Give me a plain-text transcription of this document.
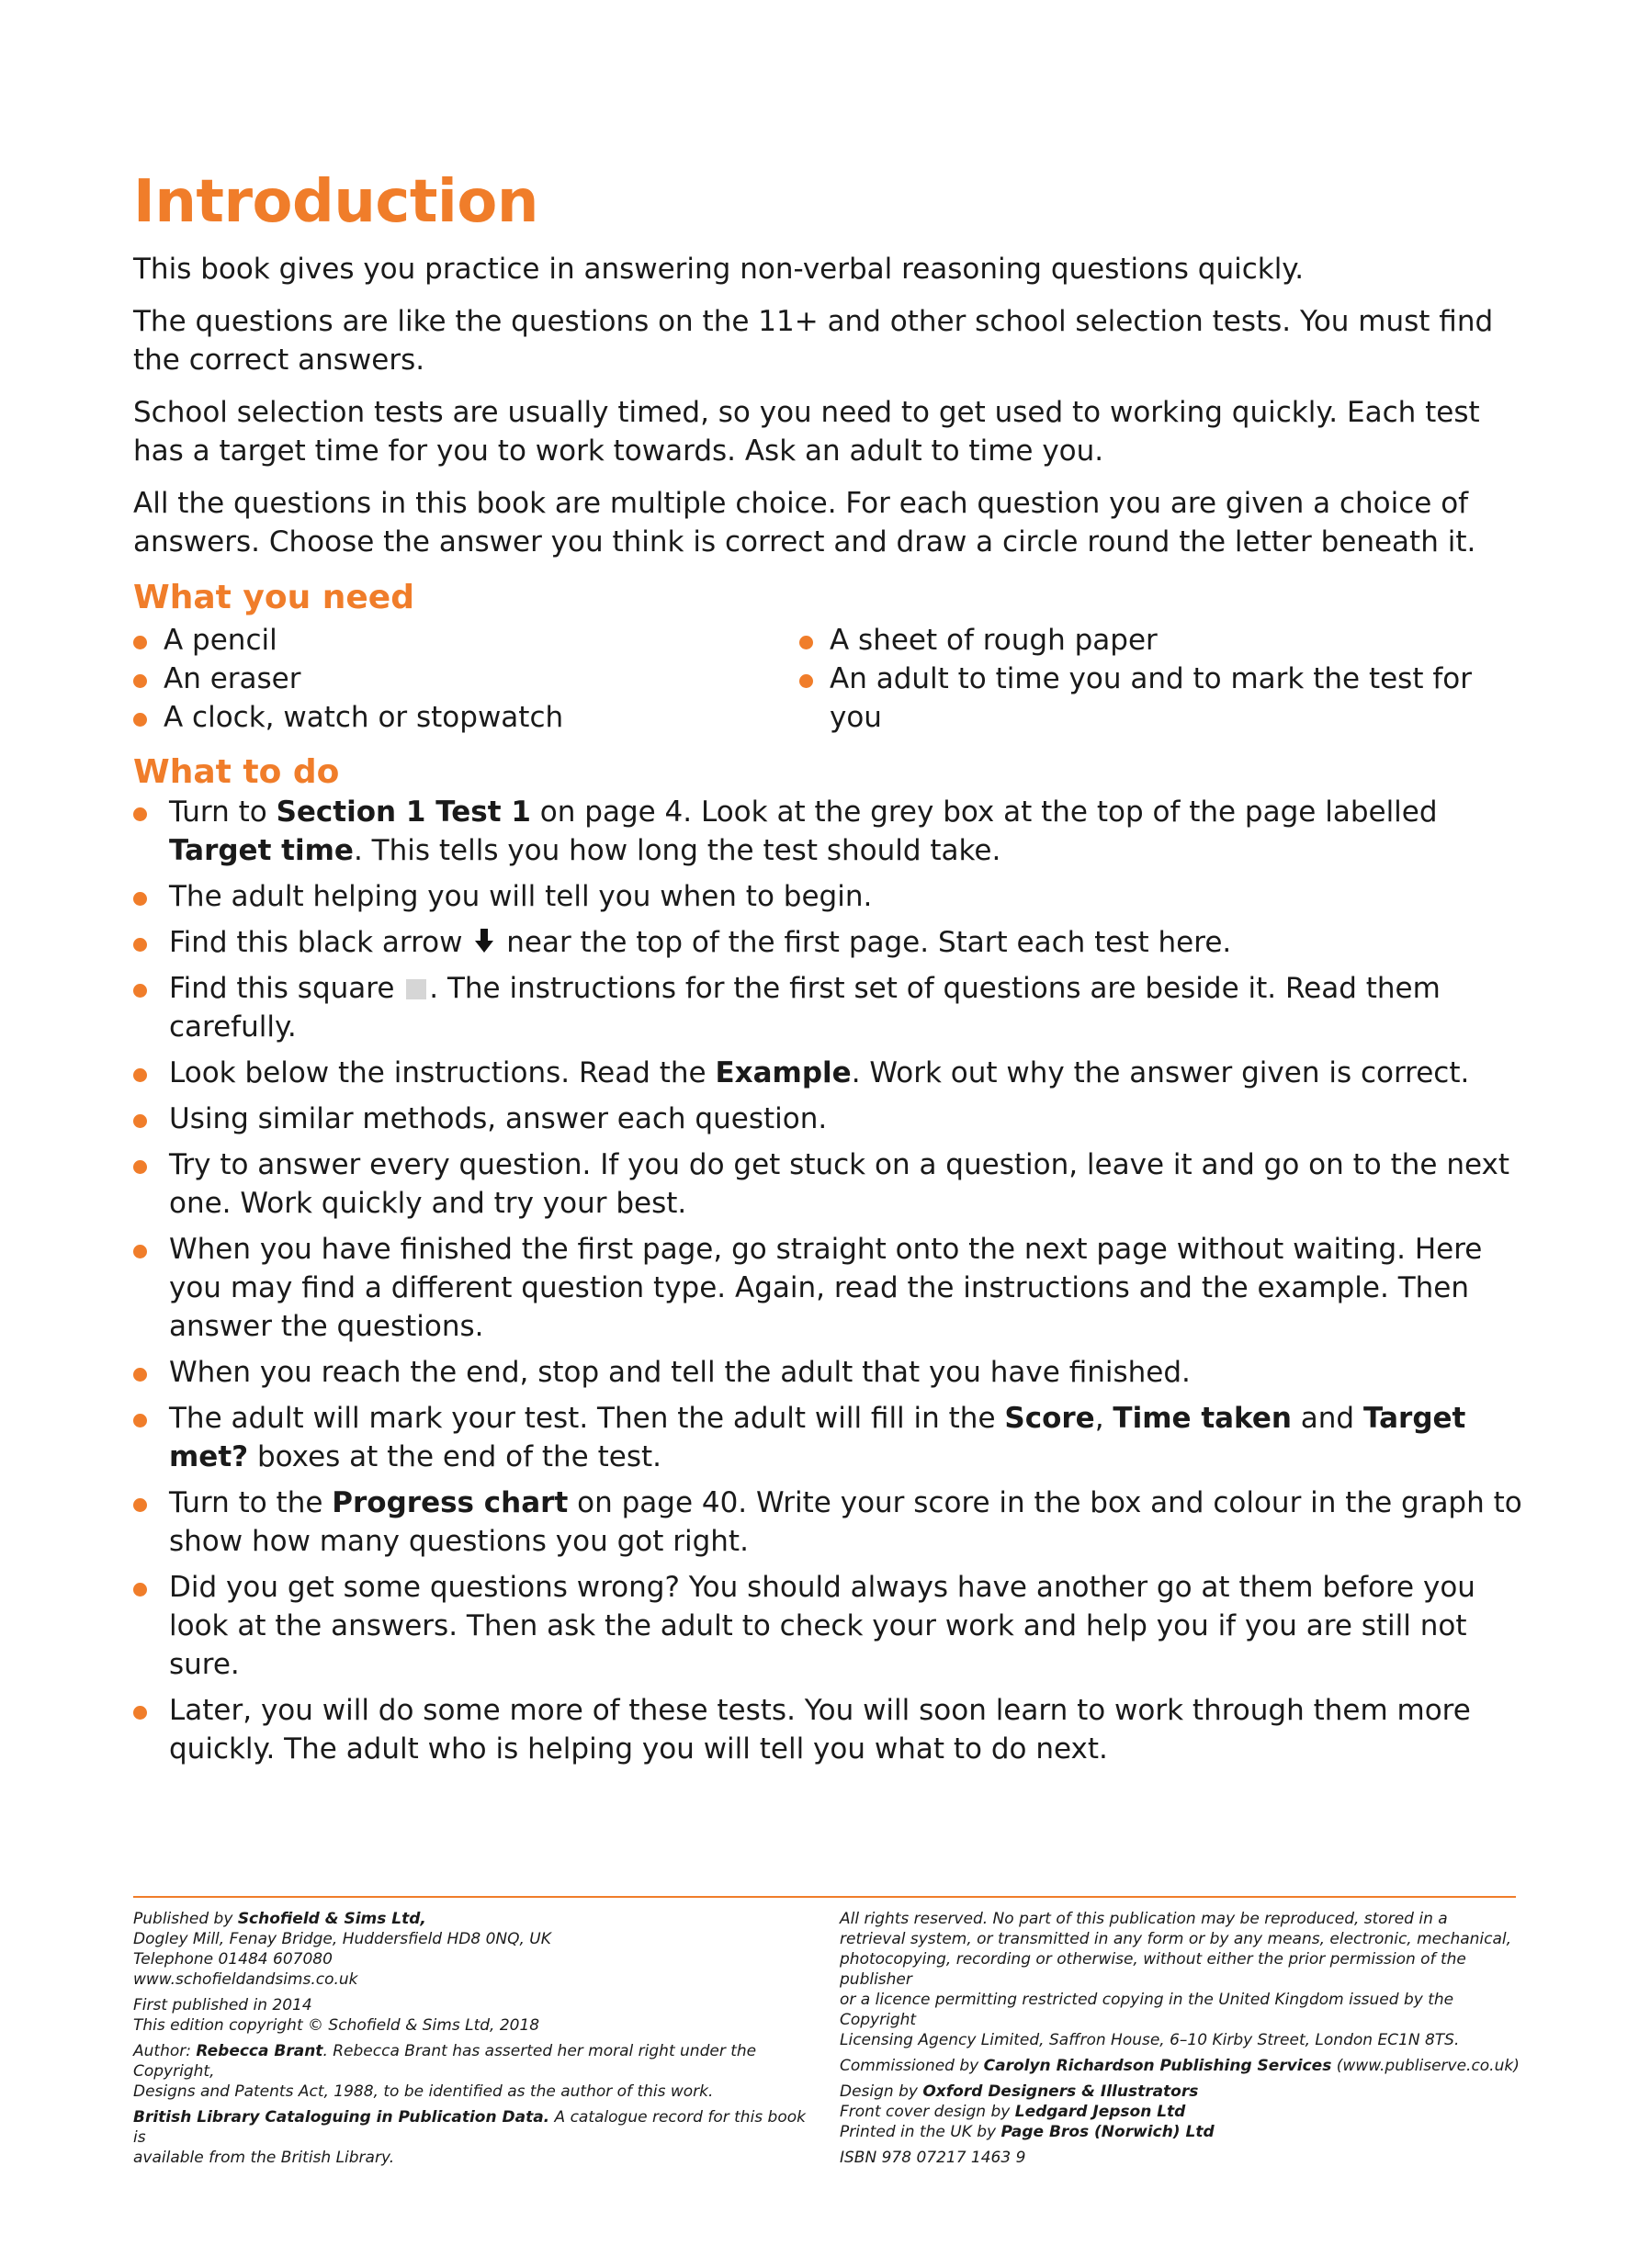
Introduction

This book gives you practice in answering non-verbal reasoning questions quickly.

The questions are like the questions on the 11+ and other school selection tests. You must find the correct answers.

School selection tests are usually timed, so you need to get used to working quickly. Each test has a target time for you to work towards. Ask an adult to time you.

All the questions in this book are multiple choice. For each question you are given a choice of answers. Choose the answer you think is correct and draw a circle round the letter beneath it.

What you need
A pencil
An eraser
A clock, watch or stopwatch
A sheet of rough paper
An adult to time you and to mark the test for you
What to do
Turn to Section 1 Test 1 on page 4. Look at the grey box at the top of the page labelled Target time. This tells you how long the test should take.
The adult helping you will tell you when to begin.
Find this black arrow  near the top of the first page. Start each test here.
Find this square . The instructions for the first set of questions are beside it. Read them carefully.
Look below the instructions. Read the Example. Work out why the answer given is correct.
Using similar methods, answer each question.
Try to answer every question. If you do get stuck on a question, leave it and go on to the next one. Work quickly and try your best.
When you have finished the first page, go straight onto the next page without waiting. Here you may find a different question type. Again, read the instructions and the example. Then answer the questions.
When you reach the end, stop and tell the adult that you have finished.
The adult will mark your test. Then the adult will fill in the Score, Time taken and Target met? boxes at the end of the test.
Turn to the Progress chart on page 40. Write your score in the box and colour in the graph to show how many questions you got right.
Did you get some questions wrong? You should always have another go at them before you look at the answers. Then ask the adult to check your work and help you if you are still not sure.
Later, you will do some more of these tests. You will soon learn to work through them more quickly. The adult who is helping you will tell you what to do next.

Published by Schofield & Sims Ltd,
Dogley Mill, Fenay Bridge, Huddersfield HD8 0NQ, UK
Telephone 01484 607080
www.schofieldandsims.co.uk

First published in 2014
This edition copyright © Schofield & Sims Ltd, 2018

Author: Rebecca Brant. Rebecca Brant has asserted her moral right under the Copyright,
Designs and Patents Act, 1988, to be identified as the author of this work.

British Library Cataloguing in Publication Data. A catalogue record for this book is
available from the British Library.

All rights reserved. No part of this publication may be reproduced, stored in a
retrieval system, or transmitted in any form or by any means, electronic, mechanical,
photocopying, recording or otherwise, without either the prior permission of the publisher
or a licence permitting restricted copying in the United Kingdom issued by the Copyright
Licensing Agency Limited, Saffron House, 6–10 Kirby Street, London EC1N 8TS.

Commissioned by Carolyn Richardson Publishing Services (www.publiserve.co.uk)

Design by Oxford Designers & Illustrators
Front cover design by Ledgard Jepson Ltd
Printed in the UK by Page Bros (Norwich) Ltd

ISBN 978 07217 1463 9
